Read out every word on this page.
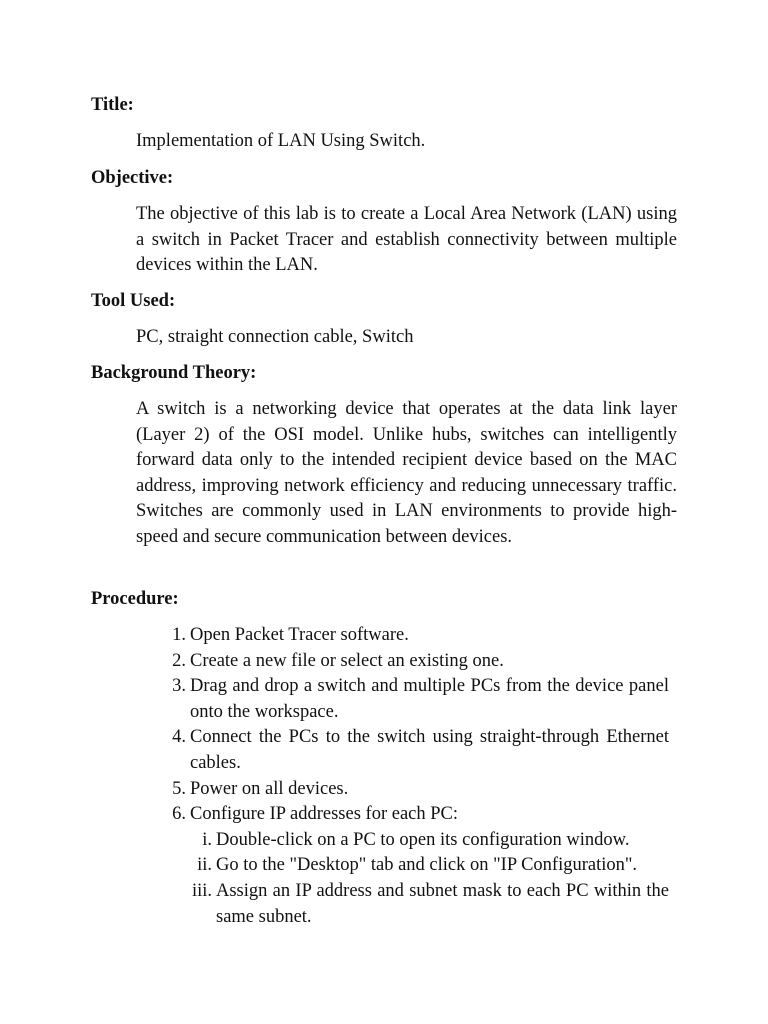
Title:

Implementation of LAN Using Switch.

Objective:

The objective of this lab is to create a Local Area Network (LAN) using a switch in Packet Tracer and establish connectivity between multiple devices within the LAN.

Tool Used:

PC, straight connection cable, Switch

Background Theory:

A switch is a networking device that operates at the data link layer (Layer 2) of the OSI model. Unlike hubs, switches can intelligently forward data only to the intended recipient device based on the MAC address, improving network efficiency and reducing unnecessary traffic. Switches are commonly used in LAN environments to provide high-speed and secure communication between devices.

Procedure:

1. Open Packet Tracer software.
2. Create a new file or select an existing one.
3. Drag and drop a switch and multiple PCs from the device panel onto the workspace.
4. Connect the PCs to the switch using straight-through Ethernet cables.
5. Power on all devices.
6. Configure IP addresses for each PC:
i. Double-click on a PC to open its configuration window.
ii. Go to the "Desktop" tab and click on "IP Configuration".
iii. Assign an IP address and subnet mask to each PC within the same subnet.
